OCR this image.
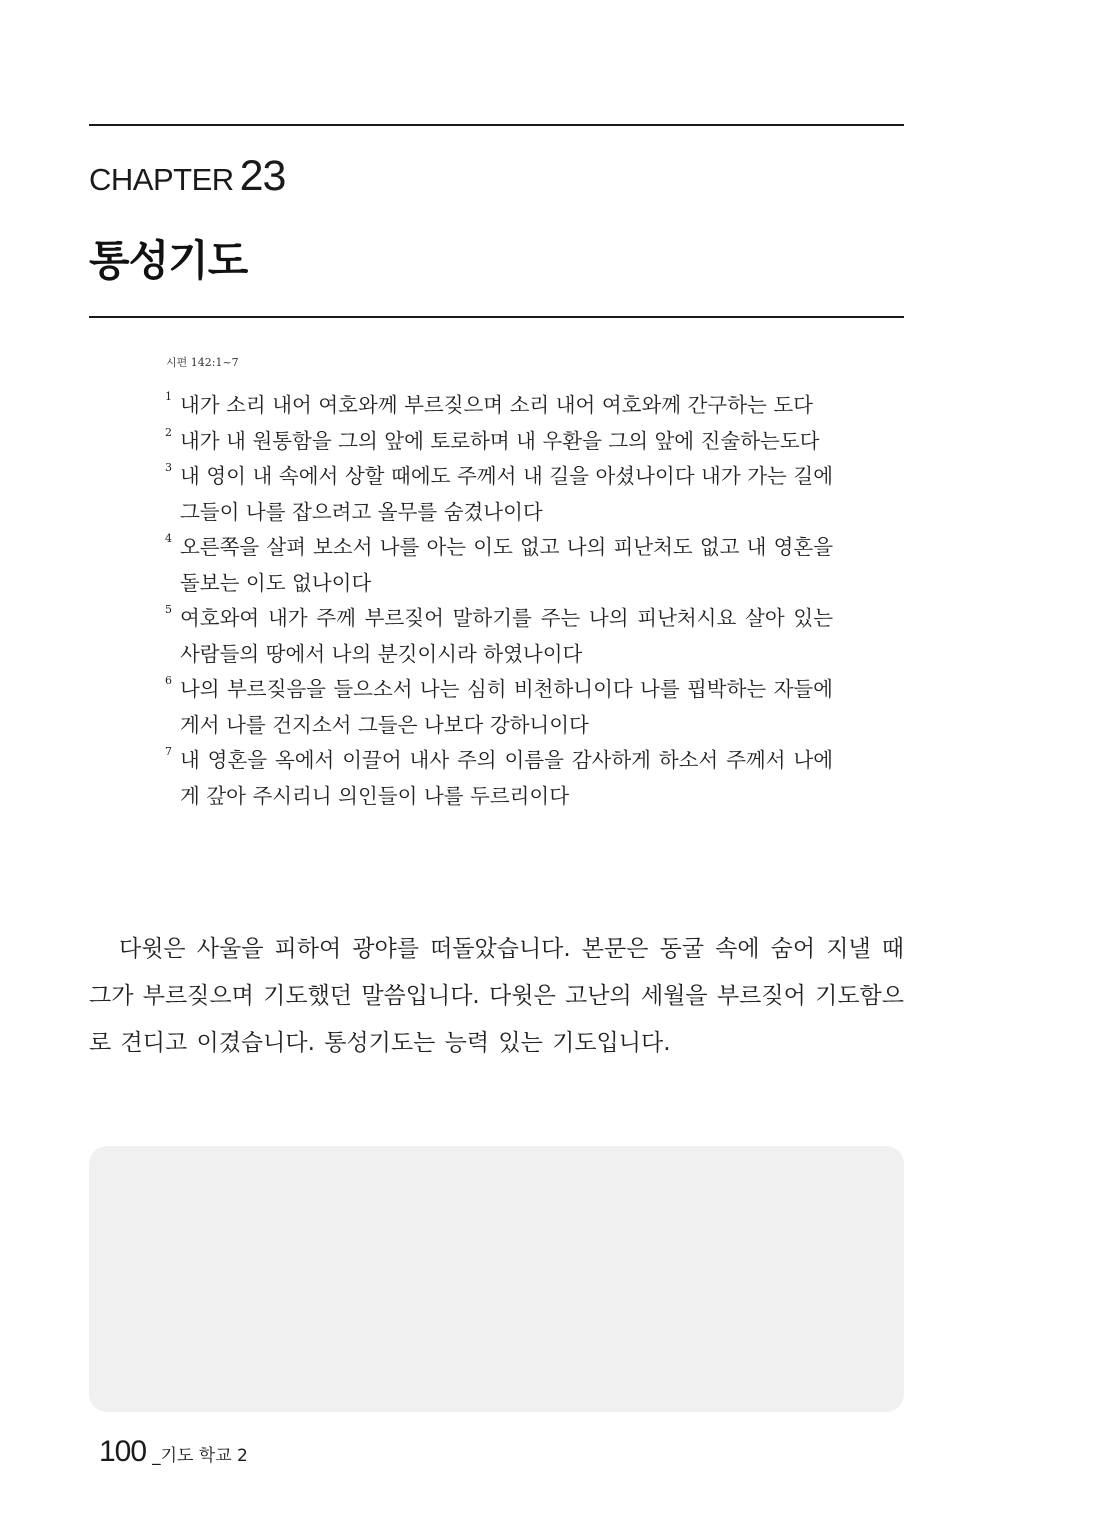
CHAPTER 23
통성기도
시편 142:1~7
1 내가 소리 내어 여호와께 부르짖으며 소리 내어 여호와께 간구하는 도다
2 내가 내 원통함을 그의 앞에 토로하며 내 우환을 그의 앞에 진술하는도다
3 내 영이 내 속에서 상할 때에도 주께서 내 길을 아셨나이다 내가 가는 길에 그들이 나를 잡으려고 올무를 숨겼나이다
4 오른쪽을 살펴 보소서 나를 아는 이도 없고 나의 피난처도 없고 내 영혼을 돌보는 이도 없나이다
5 여호와여 내가 주께 부르짖어 말하기를 주는 나의 피난처시요 살아 있는 사람들의 땅에서 나의 분깃이시라 하였나이다
6 나의 부르짖음을 들으소서 나는 심히 비천하니이다 나를 핍박하는 자들에게서 나를 건지소서 그들은 나보다 강하니이다
7 내 영혼을 옥에서 이끌어 내사 주의 이름을 감사하게 하소서 주께서 나에게 갚아 주시리니 의인들이 나를 두르리이다

다윗은 사울을 피하여 광야를 떠돌았습니다. 본문은 동굴 속에 숨어 지낼 때 그가 부르짖으며 기도했던 말씀입니다. 다윗은 고난의 세월을 부르짖어 기도함으로 견디고 이겼습니다. 통성기도는 능력 있는 기도입니다.

100 _기도 학교 2
